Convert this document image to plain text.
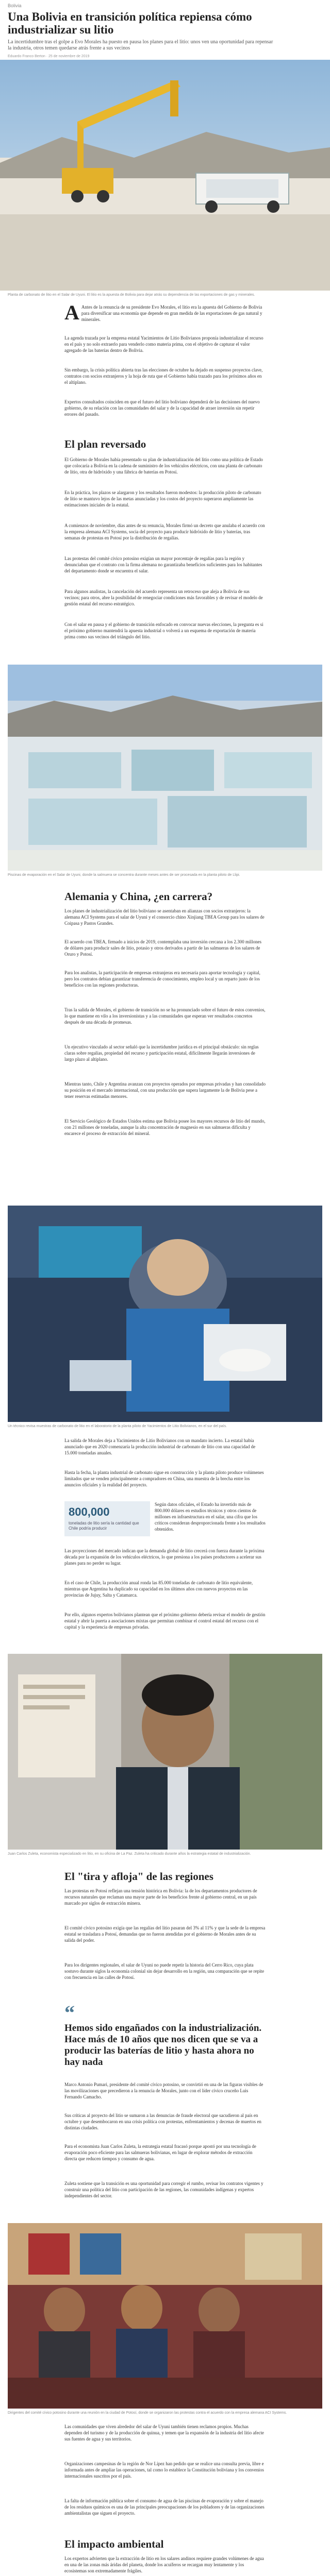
Bolivia
Una Bolivia en transición política repiensa cómo industrializar su litio

La incertidumbre tras el golpe a Evo Morales ha puesto en pausa los planes para el litio: unos ven una oportunidad para repensar la industria, otros temen quedarse atrás frente a sus vecinos

Eduardo Franco Berton · 25 de noviembre de 2019

Planta de carbonato de litio en el Salar de Uyuni. El litio es la apuesta de Bolivia para dejar atrás su dependencia de las exportaciones de gas y minerales.

A Antes de la renuncia de su presidente Evo Morales, el litio era la apuesta del Gobierno de Bolivia para diversificar una economía que depende en gran medida de las exportaciones de gas natural y minerales.

La agenda trazada por la empresa estatal Yacimientos de Litio Bolivianos proponía industrializar el recurso en el país y no solo extraerlo para venderlo como materia prima, con el objetivo de capturar el valor agregado de las baterías dentro de Bolivia.

Sin embargo, la crisis política abierta tras las elecciones de octubre ha dejado en suspenso proyectos clave, contratos con socios extranjeros y la hoja de ruta que el Gobierno había trazado para los próximos años en el altiplano.

Expertos consultados coinciden en que el futuro del litio boliviano dependerá de las decisiones del nuevo gobierno, de su relación con las comunidades del salar y de la capacidad de atraer inversión sin repetir errores del pasado.

El plan reversado

El Gobierno de Morales había presentado su plan de industrialización del litio como una política de Estado que colocaría a Bolivia en la cadena de suministro de los vehículos eléctricos, con una planta de carbonato de litio, otra de hidróxido y una fábrica de baterías en Potosí.

En la práctica, los plazos se alargaron y los resultados fueron modestos: la producción piloto de carbonato de litio se mantuvo lejos de las metas anunciadas y los costos del proyecto superaron ampliamente las estimaciones iniciales de la estatal.

A comienzos de noviembre, días antes de su renuncia, Morales firmó un decreto que anulaba el acuerdo con la empresa alemana ACI Systems, socia del proyecto para producir hidróxido de litio y baterías, tras semanas de protestas en Potosí por la distribución de regalías.

Las protestas del comité cívico potosino exigían un mayor porcentaje de regalías para la región y denunciaban que el contrato con la firma alemana no garantizaba beneficios suficientes para los habitantes del departamento donde se encuentra el salar.

Para algunos analistas, la cancelación del acuerdo representa un retroceso que aleja a Bolivia de sus vecinos; para otros, abre la posibilidad de renegociar condiciones más favorables y de revisar el modelo de gestión estatal del recurso estratégico.

Con el salar en pausa y el gobierno de transición enfocado en convocar nuevas elecciones, la pregunta es si el próximo gobierno mantendrá la apuesta industrial o volverá a un esquema de exportación de materia prima como sus vecinos del triángulo del litio.

Piscinas de evaporación en el Salar de Uyuni, donde la salmuera se concentra durante meses antes de ser procesada en la planta piloto de Llipi.

Alemania y China, ¿en carrera?

Los planes de industrialización del litio boliviano se asentaban en alianzas con socios extranjeros: la alemana ACI Systems para el salar de Uyuni y el consorcio chino Xinjiang TBEA Group para los salares de Coipasa y Pastos Grandes.

El acuerdo con TBEA, firmado a inicios de 2019, contemplaba una inversión cercana a los 2.300 millones de dólares para producir sales de litio, potasio y otros derivados a partir de las salmueras de los salares de Oruro y Potosí.

Para los analistas, la participación de empresas extranjeras era necesaria para aportar tecnología y capital, pero los contratos debían garantizar transferencia de conocimiento, empleo local y un reparto justo de los beneficios con las regiones productoras.

Tras la salida de Morales, el gobierno de transición no se ha pronunciado sobre el futuro de estos convenios, lo que mantiene en vilo a los inversionistas y a las comunidades que esperan ver resultados concretos después de una década de promesas.

Un ejecutivo vinculado al sector señaló que la incertidumbre jurídica es el principal obstáculo: sin reglas claras sobre regalías, propiedad del recurso y participación estatal, difícilmente llegarán inversiones de largo plazo al altiplano.

Mientras tanto, Chile y Argentina avanzan con proyectos operados por empresas privadas y han consolidado su posición en el mercado internacional, con una producción que supera largamente la de Bolivia pese a tener reservas estimadas menores.

El Servicio Geológico de Estados Unidos estima que Bolivia posee los mayores recursos de litio del mundo, con 21 millones de toneladas, aunque la alta concentración de magnesio en sus salmueras dificulta y encarece el proceso de extracción del mineral.

Un técnico revisa muestras de carbonato de litio en el laboratorio de la planta piloto de Yacimientos de Litio Bolivianos, en el sur del país.

La salida de Morales deja a Yacimientos de Litio Bolivianos con un mandato incierto. La estatal había anunciado que en 2020 comenzaría la producción industrial de carbonato de litio con una capacidad de 15.000 toneladas anuales.

Hasta la fecha, la planta industrial de carbonato sigue en construcción y la planta piloto produce volúmenes limitados que se venden principalmente a compradores en China, una muestra de la brecha entre los anuncios oficiales y la realidad del proyecto.

800,000
toneladas de litio sería la cantidad que Chile podría producir

Según datos oficiales, el Estado ha invertido más de 800.000 dólares en estudios técnicos y otros cientos de millones en infraestructura en el salar, una cifra que los críticos consideran desproporcionada frente a los resultados obtenidos.

Las proyecciones del mercado indican que la demanda global de litio crecerá con fuerza durante la próxima década por la expansión de los vehículos eléctricos, lo que presiona a los países productores a acelerar sus planes para no perder su lugar.

En el caso de Chile, la producción anual ronda las 85.000 toneladas de carbonato de litio equivalente, mientras que Argentina ha duplicado su capacidad en los últimos años con nuevos proyectos en las provincias de Jujuy, Salta y Catamarca.

Por ello, algunos expertos bolivianos plantean que el próximo gobierno debería revisar el modelo de gestión estatal y abrir la puerta a asociaciones mixtas que permitan combinar el control estatal del recurso con el capital y la experiencia de empresas privadas.

Juan Carlos Zuleta, economista especializado en litio, en su oficina de La Paz. Zuleta ha criticado durante años la estrategia estatal de industrialización.

El "tira y afloja" de las regiones

Las protestas en Potosí reflejan una tensión histórica en Bolivia: la de los departamentos productores de recursos naturales que reclaman una mayor parte de los beneficios frente al gobierno central, en un país marcado por siglos de extracción minera.

El comité cívico potosino exigía que las regalías del litio pasaran del 3% al 11% y que la sede de la empresa estatal se trasladara a Potosí, demandas que no fueron atendidas por el gobierno de Morales antes de su salida del poder.

Para los dirigentes regionales, el salar de Uyuni no puede repetir la historia del Cerro Rico, cuya plata sostuvo durante siglos la economía colonial sin dejar desarrollo en la región, una comparación que se repite con frecuencia en las calles de Potosí.

“

Hemos sido engañados con la industrialización. Hace más de 10 años que nos dicen que se va a producir las baterías de litio y hasta ahora no hay nada

Marco Antonio Pumari, presidente del comité cívico potosino, se convirtió en una de las figuras visibles de las movilizaciones que precedieron a la renuncia de Morales, junto con el líder cívico cruceño Luis Fernando Camacho.

Sus críticas al proyecto del litio se sumaron a las denuncias de fraude electoral que sacudieron al país en octubre y que desembocaron en una crisis política con protestas, enfrentamientos y decenas de muertos en distintas ciudades.

Para el economista Juan Carlos Zuleta, la estrategia estatal fracasó porque apostó por una tecnología de evaporación poco eficiente para las salmueras bolivianas, en lugar de explorar métodos de extracción directa que reducen tiempos y consumo de agua.

Zuleta sostiene que la transición es una oportunidad para corregir el rumbo, revisar los contratos vigentes y construir una política del litio con participación de las regiones, las comunidades indígenas y expertos independientes del sector.

Dirigentes del comité cívico potosino durante una reunión en la ciudad de Potosí, donde se organizaron las protestas contra el acuerdo con la empresa alemana ACI Systems.

Las comunidades que viven alrededor del salar de Uyuni también tienen reclamos propios. Muchas dependen del turismo y de la producción de quinua, y temen que la expansión de la industria del litio afecte sus fuentes de agua y sus territorios.

Organizaciones campesinas de la región de Nor Lípez han pedido que se realice una consulta previa, libre e informada antes de ampliar las operaciones, tal como lo establece la Constitución boliviana y los convenios internacionales suscritos por el país.

La falta de información pública sobre el consumo de agua de las piscinas de evaporación y sobre el manejo de los residuos químicos es una de las principales preocupaciones de los pobladores y de las organizaciones ambientalistas que siguen el proyecto.

El impacto ambiental

Los expertos advierten que la extracción de litio en los salares andinos requiere grandes volúmenes de agua en una de las zonas más áridas del planeta, donde los acuíferos se recargan muy lentamente y los ecosistemas son extremadamente frágiles.
